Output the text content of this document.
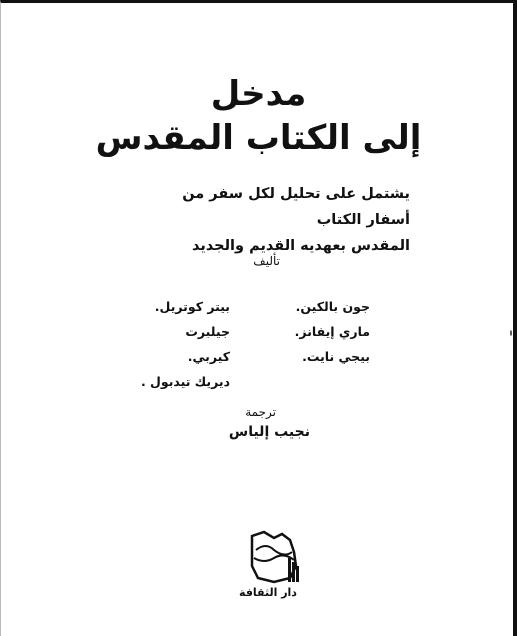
مدخل
إلى الكتاب المقدس
يشتمل على تحليل لكل سفر من أسفار الكتاب
المقدس بعهديه القديم والجديد
تأليف
جون بالكين.
ماري إيفانز.
بيجي نايت.
بيتر كوتريل.
جيلبرت كيربي.
ديريك تيدبول .
ترجمة
نجيب إلياس
دار الثقافة
